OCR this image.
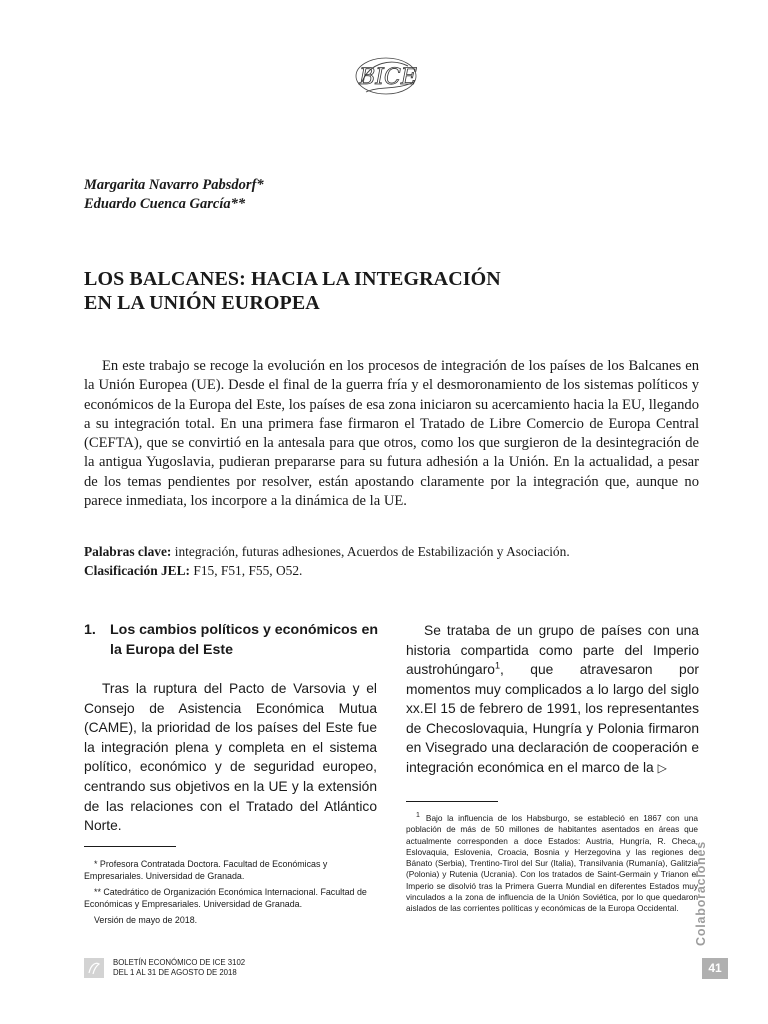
BICE
Margarita Navarro Pabsdorf*
Eduardo Cuenca García**
LOS BALCANES: HACIA LA INTEGRACIÓN
EN LA UNIÓN EUROPEA

En este trabajo se recoge la evolución en los procesos de integración de los países de los Balcanes en la Unión Europea (UE). Desde el final de la guerra fría y el desmoronamiento de los sistemas políticos y económicos de la Europa del Este, los países de esa zona iniciaron su acercamiento hacia la EU, llegando a su integración total. En una primera fase firmaron el Tratado de Libre Comercio de Europa Central (CEFTA), que se convirtió en la antesala para que otros, como los que surgieron de la desintegración de la antigua Yugoslavia, pudieran prepararse para su futura adhesión a la Unión. En la actualidad, a pesar de los temas pendientes por resolver, están apostando claramente por la integración que, aunque no parece inmediata, los incorpore a la dinámica de la UE.

Palabras clave: integración, futuras adhesiones, Acuerdos de Estabilización y Asociación.
Clasificación JEL: F15, F51, F55, O52.
1. Los cambios políticos y económicos en la Europa del Este

Tras la ruptura del Pacto de Varsovia y el Consejo de Asistencia Económica Mutua (CAME), la prioridad de los países del Este fue la integración plena y completa en el sistema político, económico y de seguridad europeo, centrando sus objetivos en la UE y la extensión de las relaciones con el Tratado del Atlántico Norte.

Se trataba de un grupo de países con una historia compartida como parte del Imperio austrohúngaro$^1$, que atravesaron por momentos muy complicados a lo largo del siglo xx. El 15 de febrero de 1991, los representantes de Checoslovaquia, Hungría y Polonia firmaron en Visegrado una declaración de cooperación e integración económica en el marco de la ▷

* Profesora Contratada Doctora. Facultad de Económicas y Empresariales. Universidad de Granada.

** Catedrático de Organización Económica Internacional. Facultad de Económicas y Empresariales. Universidad de Granada.

Versión de mayo de 2018.

$^1$ Bajo la influencia de los Habsburgo, se estableció en 1867 con una población de más de 50 millones de habitantes asentados en áreas que actualmente corresponden a doce Estados: Austria, Hungría, R. Checa, Eslovaquia, Eslovenia, Croacia, Bosnia y Herzegovina y las regiones de Bánato (Serbia), Trentino-Tirol del Sur (Italia), Transilvania (Rumanía), Galitzia (Polonia) y Rutenia (Ucrania). Con los tratados de Saint-Germain y Trianon el Imperio se disolvió tras la Primera Guerra Mundial en diferentes Estados muy vinculados a la zona de influencia de la Unión Soviética, por lo que quedaron aislados de las corrientes políticas y económicas de la Europa Occidental.	Colaboraciones
BOLETÍN ECONÓMICO DE ICE 3102
DEL 1 AL 31 DE AGOSTO DE 2018	41
